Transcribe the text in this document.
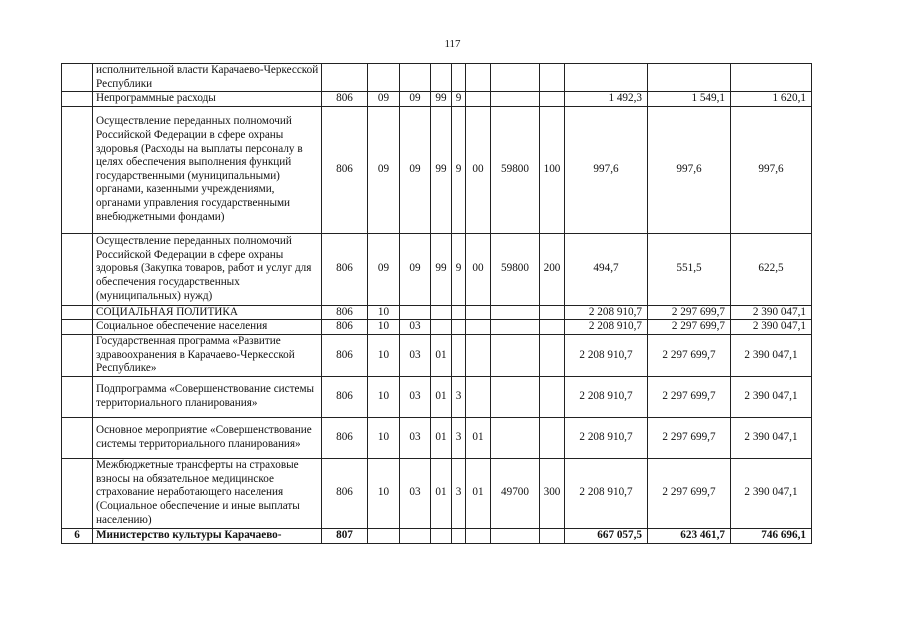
117
	исполнительной власти Карачаево-Черкесской Республики											
	Непрограммные расходы	806	09	09	99	9				1 492,3	1 549,1	1 620,1
	Осуществление переданных полномочий Российской Федерации в сфере охраны здоровья (Расходы на выплаты персоналу в целях обеспечения выполнения функций государственными (муниципальными) органами, казенными учреждениями, органами управления государственными внебюджетными фондами)	806	09	09	99	9	00	59800	100	997,6	997,6	997,6
	Осуществление переданных полномочий Российской Федерации в сфере охраны здоровья (Закупка товаров, работ и услуг для обеспечения государственных (муниципальных) нужд)	806	09	09	99	9	00	59800	200	494,7	551,5	622,5
	СОЦИАЛЬНАЯ ПОЛИТИКА	806	10							2 208 910,7	2 297 699,7	2 390 047,1
	Социальное обеспечение населения	806	10	03						2 208 910,7	2 297 699,7	2 390 047,1
	Государственная программа «Развитие здравоохранения в Карачаево-Черкесской Республике»	806	10	03	01					2 208 910,7	2 297 699,7	2 390 047,1
	Подпрограмма «Совершенствование системы территориального планирования»	806	10	03	01	3				2 208 910,7	2 297 699,7	2 390 047,1
	Основное мероприятие «Совершенствование системы территориального планирования»	806	10	03	01	3	01			2 208 910,7	2 297 699,7	2 390 047,1
	Межбюджетные трансферты на страховые взносы на обязательное медицинское страхование неработающего населения (Социальное обеспечение и иные выплаты населению)	806	10	03	01	3	01	49700	300	2 208 910,7	2 297 699,7	2 390 047,1
6	Министерство культуры Карачаево-	807								667 057,5	623 461,7	746 696,1
